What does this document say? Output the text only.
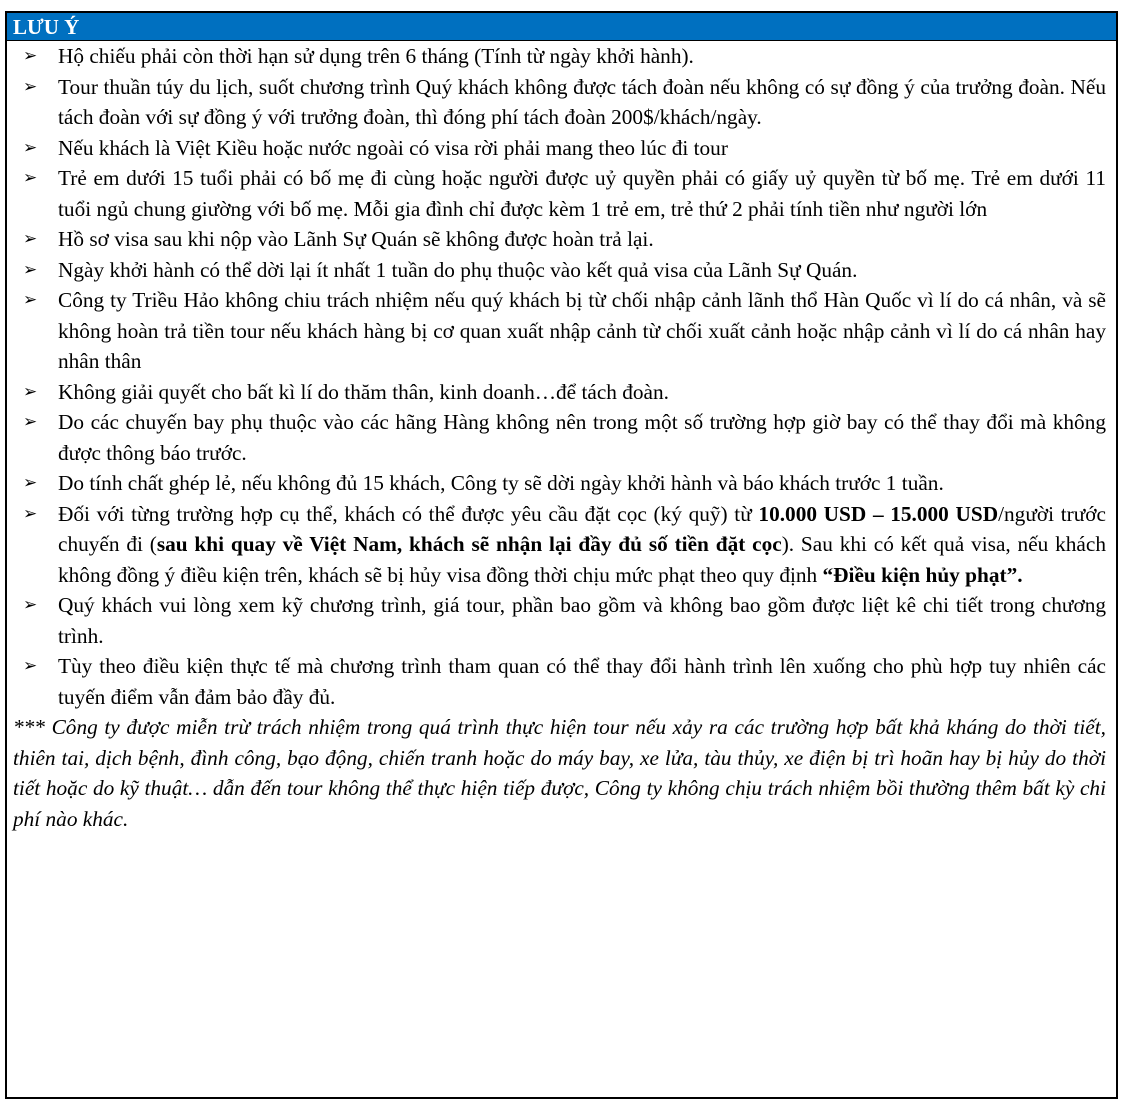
LƯU Ý
➢ Hộ chiếu phải còn thời hạn sử dụng trên 6 tháng (Tính từ ngày khởi hành).
➢ Tour thuần túy du lịch, suốt chương trình Quý khách không được tách đoàn nếu không có sự đồng ý của trưởng đoàn. Nếu tách đoàn với sự đồng ý với trưởng đoàn, thì đóng phí tách đoàn 200$/khách/ngày.
➢ Nếu khách là Việt Kiều hoặc nước ngoài có visa rời phải mang theo lúc đi tour
➢ Trẻ em dưới 15 tuổi phải có bố mẹ đi cùng hoặc người được uỷ quyền phải có giấy uỷ quyền từ bố mẹ. Trẻ em dưới 11 tuổi ngủ chung giường với bố mẹ. Mỗi gia đình chỉ được kèm 1 trẻ em, trẻ thứ 2 phải tính tiền như người lớn
➢ Hồ sơ visa sau khi nộp vào Lãnh Sự Quán sẽ không được hoàn trả lại.
➢ Ngày khởi hành có thể dời lại ít nhất 1 tuần do phụ thuộc vào kết quả visa của Lãnh Sự Quán.
➢ Công ty Triều Hảo không chiu trách nhiệm nếu quý khách bị từ chối nhập cảnh lãnh thổ Hàn Quốc vì lí do cá nhân, và sẽ không hoàn trả tiền tour nếu khách hàng bị cơ quan xuất nhập cảnh từ chối xuất cảnh hoặc nhập cảnh vì lí do cá nhân hay nhân thân
➢ Không giải quyết cho bất kì lí do thăm thân, kinh doanh…để tách đoàn.
➢ Do các chuyến bay phụ thuộc vào các hãng Hàng không nên trong một số trường hợp giờ bay có thể thay đổi mà không được thông báo trước.
➢ Do tính chất ghép lẻ, nếu không đủ 15 khách, Công ty sẽ dời ngày khởi hành và báo khách trước 1 tuần.
➢ Đối với từng trường hợp cụ thể, khách có thể được yêu cầu đặt cọc (ký quỹ) từ 10.000 USD – 15.000 USD/người trước chuyến đi (sau khi quay về Việt Nam, khách sẽ nhận lại đầy đủ số tiền đặt cọc). Sau khi có kết quả visa, nếu khách không đồng ý điều kiện trên, khách sẽ bị hủy visa đồng thời chịu mức phạt theo quy định “Điều kiện hủy phạt”.
➢ Quý khách vui lòng xem kỹ chương trình, giá tour, phần bao gồm và không bao gồm được liệt kê chi tiết trong chương trình.
➢ Tùy theo điều kiện thực tế mà chương trình tham quan có thể thay đổi hành trình lên xuống cho phù hợp tuy nhiên các tuyến điểm vẫn đảm bảo đầy đủ.
*** Công ty được miễn trừ trách nhiệm trong quá trình thực hiện tour nếu xảy ra các trường hợp bất khả kháng do thời tiết, thiên tai, dịch bệnh, đình công, bạo động, chiến tranh hoặc do máy bay, xe lửa, tàu thủy, xe điện bị trì hoãn hay bị hủy do thời tiết hoặc do kỹ thuật… dẫn đến tour không thể thực hiện tiếp được, Công ty không chịu trách nhiệm bồi thường thêm bất kỳ chi phí nào khác.
